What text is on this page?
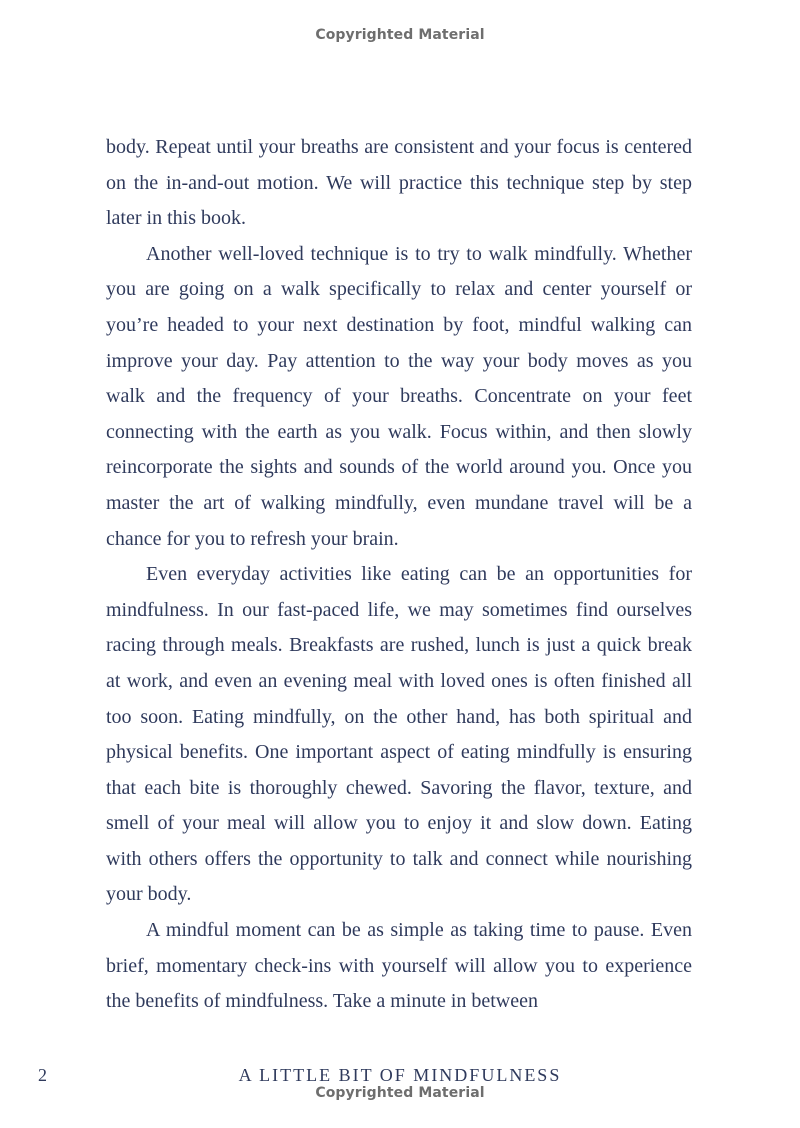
Copyrighted Material

body. Repeat until your breaths are consistent and your focus is centered on the in-and-out motion. We will practice this technique step by step later in this book.

Another well-loved technique is to try to walk mindfully. Whether you are going on a walk specifically to relax and center yourself or you’re headed to your next destination by foot, mindful walking can improve your day. Pay attention to the way your body moves as you walk and the frequency of your breaths. Concentrate on your feet connecting with the earth as you walk. Focus within, and then slowly reincorporate the sights and sounds of the world around you. Once you master the art of walking mindfully, even mundane travel will be a chance for you to refresh your brain.

Even everyday activities like eating can be an opportunities for mindfulness. In our fast-paced life, we may sometimes find ourselves racing through meals. Breakfasts are rushed, lunch is just a quick break at work, and even an evening meal with loved ones is often finished all too soon. Eating mindfully, on the other hand, has both spiritual and physical benefits. One important aspect of eating mindfully is ensuring that each bite is thoroughly chewed. Savoring the flavor, texture, and smell of your meal will allow you to enjoy it and slow down. Eating with others offers the opportunity to talk and connect while nourishing your body.

A mindful moment can be as simple as taking time to pause. Even brief, momentary check-ins with yourself will allow you to experience the benefits of mindfulness. Take a minute in between

2	A LITTLE BIT OF MINDFULNESS
Copyrighted Material
